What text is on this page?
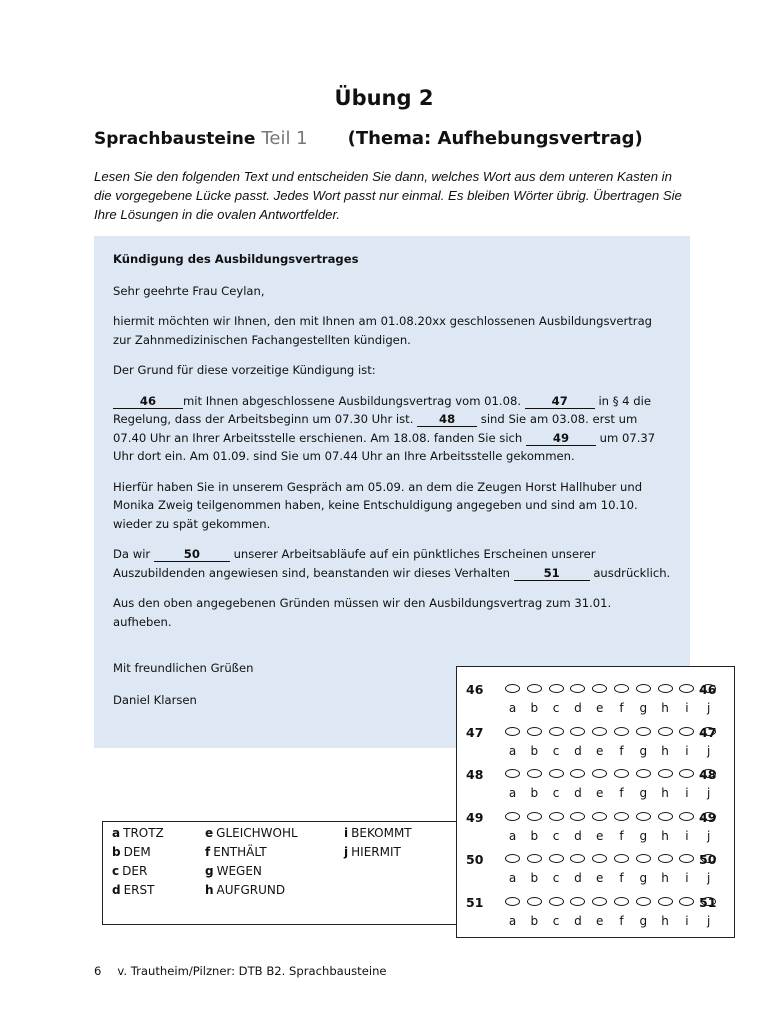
Übung 2
Sprachbausteine Teil 1 (Thema: Aufhebungsvertrag)
Lesen Sie den folgenden Text und entscheiden Sie dann, welches Wort aus dem unteren Kasten in die vorgegebene Lücke passt. Jedes Wort passt nur einmal. Es bleiben Wörter übrig. Übertragen Sie Ihre Lösungen in die ovalen Antwortfelder.

Kündigung des Ausbildungsvertrages

Sehr geehrte Frau Ceylan,

hiermit möchten wir Ihnen, den mit Ihnen am 01.08.20xx geschlossenen Ausbildungsvertrag zur Zahnmedizinischen Fachangestellten kündigen.

Der Grund für diese vorzeitige Kündigung ist:

46 mit Ihnen abgeschlossene Ausbildungsvertrag vom 01.08.	47	in § 4 die Regelung, dass der Arbeitsbeginn um 07.30 Uhr ist. 48 sind Sie am 03.08. erst um 07.40 Uhr an Ihrer Arbeitsstelle erschienen. Am 18.08. fanden Sie sich	49	um 07.37 Uhr dort ein. Am 01.09. sind Sie um 07.44 Uhr an Ihre Arbeitsstelle gekommen.

Hierfür haben Sie in unserem Gespräch am 05.09. an dem die Zeugen Horst Hallhuber und Monika Zweig teilgenommen haben, keine Entschuldigung angegeben und sind am 10.10. wieder zu spät gekommen.

Da wir	50	unserer Arbeitsabläufe auf ein pünktliches Erscheinen unserer Auszubildenden angewiesen sind, beanstanden wir dieses Verhalten	51	ausdrücklich.

Aus den oben angegebenen Gründen müssen wir den Ausbildungsvertrag zum 31.01. aufheben.

Mit freundlichen Grüßen
Daniel Klarsen
a TROTZ
b DEM
c DER
d ERST
e GLEICHWOHL
f ENTHÄLT
g WEGEN
h AUFGRUND
i BEKOMMT
j HIERMIT
46	46
a	b	c	d	e	f	g	h	i	j
47	47
a	b	c	d	e	f	g	h	i	j
48	48
a	b	c	d	e	f	g	h	i	j
49	49
a	b	c	d	e	f	g	h	i	j
50	50
a	b	c	d	e	f	g	h	i	j
51	51
a	b	c	d	e	f	g	h	i	j
6 v. Trautheim/Pilzner: DTB B2. Sprachbausteine
